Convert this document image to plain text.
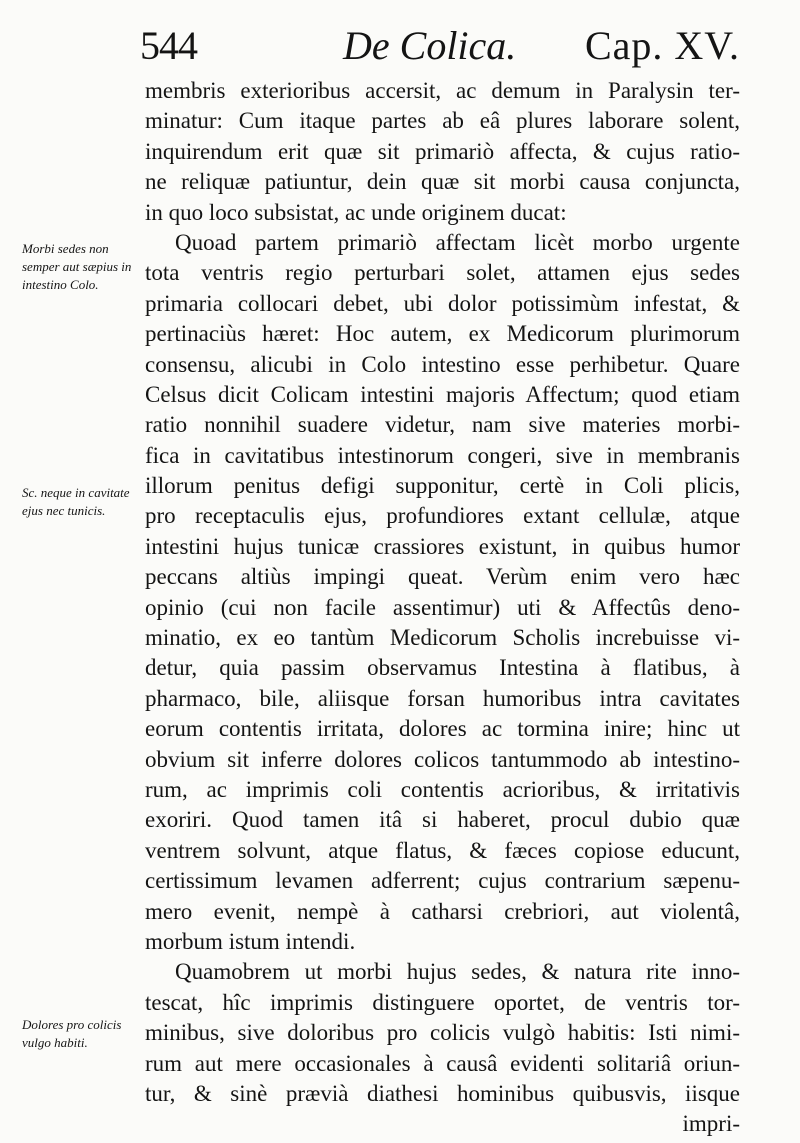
544	De Colica. Cap. XV.
Morbi sedes non semper aut sæpius in intestino Colo.
Sc. neque in cavitate ejus nec tunicis.
Dolores pro colicis vulgo habiti.
membris exterioribus accersit, ac demum in Paralysin ter-
minatur: Cum itaque partes ab eâ plures laborare solent,
inquirendum erit quæ sit primariò affecta, & cujus ratio-
ne reliquæ patiuntur, dein quæ sit morbi causa conjuncta,
in quo loco subsistat, ac unde originem ducat:
Quoad partem primariò affectam licèt morbo urgente
tota ventris regio perturbari solet, attamen ejus sedes
primaria collocari debet, ubi dolor potissimùm infestat, &
pertinaciùs hæret: Hoc autem, ex Medicorum plurimorum
consensu, alicubi in Colo intestino esse perhibetur. Quare
Celsus dicit Colicam intestini majoris Affectum; quod etiam
ratio nonnihil suadere videtur, nam sive materies morbi-
fica in cavitatibus intestinorum congeri, sive in membranis
illorum penitus defigi supponitur, certè in Coli plicis,
pro receptaculis ejus, profundiores extant cellulæ, atque
intestini hujus tunicæ crassiores existunt, in quibus humor
peccans altiùs impingi queat. Verùm enim vero hæc
opinio (cui non facile assentimur) uti & Affectûs deno-
minatio, ex eo tantùm Medicorum Scholis increbuisse vi-
detur, quia passim observamus Intestina à flatibus, à
pharmaco, bile, aliisque forsan humoribus intra cavitates
eorum contentis irritata, dolores ac tormina inire; hinc ut
obvium sit inferre dolores colicos tantummodo ab intestino-
rum, ac imprimis coli contentis acrioribus, & irritativis
exoriri. Quod tamen itâ si haberet, procul dubio quæ
ventrem solvunt, atque flatus, & fæces copiose educunt,
certissimum levamen adferrent; cujus contrarium sæpenu-
mero evenit, nempè à catharsi crebriori, aut violentâ,
morbum istum intendi.
Quamobrem ut morbi hujus sedes, & natura rite inno-
tescat, hîc imprimis distinguere oportet, de ventris tor-
minibus, sive doloribus pro colicis vulgò habitis: Isti nimi-
rum aut mere occasionales à causâ evidenti solitariâ oriun-
tur, & sinè prævià diathesi hominibus quibusvis, iisque
impri-
